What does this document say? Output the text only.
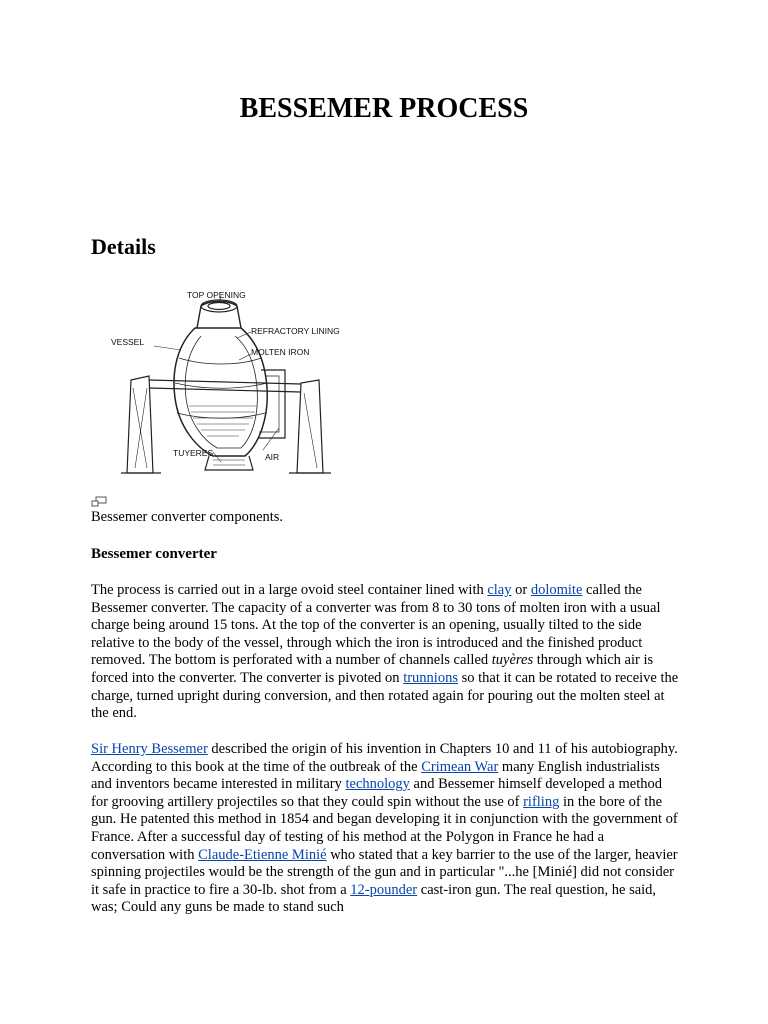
BESSEMER PROCESS
Details
TOP OPENING
REFRACTORY LINING
VESSEL
MOLTEN IRON
TUYERES	AIR

Bessemer converter components.

Bessemer converter

The process is carried out in a large ovoid steel container lined with clay or dolomite called the Bessemer converter. The capacity of a converter was from 8 to 30 tons of molten iron with a usual charge being around 15 tons. At the top of the converter is an opening, usually tilted to the side relative to the body of the vessel, through which the iron is introduced and the finished product removed. The bottom is perforated with a number of channels called tuyères through which air is forced into the converter. The converter is pivoted on trunnions so that it can be rotated to receive the charge, turned upright during conversion, and then rotated again for pouring out the molten steel at the end.

Sir Henry Bessemer described the origin of his invention in Chapters 10 and 11 of his autobiography. According to this book at the time of the outbreak of the Crimean War many English industrialists and inventors became interested in military technology and Bessemer himself developed a method for grooving artillery projectiles so that they could spin without the use of rifling in the bore of the gun. He patented this method in 1854 and began developing it in conjunction with the government of France. After a successful day of testing of his method at the Polygon in France he had a conversation with Claude-Etienne Minié who stated that a key barrier to the use of the larger, heavier spinning projectiles would be the strength of the gun and in particular "...he [Minié] did not consider it safe in practice to fire a 30-lb. shot from a 12-pounder cast-iron gun. The real question, he said, was; Could any guns be made to stand such
